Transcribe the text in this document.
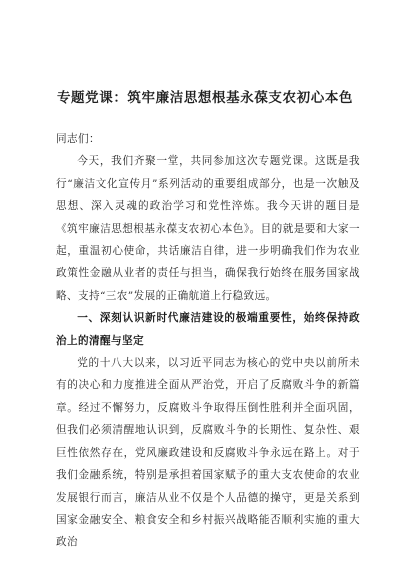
专题党课：筑牢廉洁思想根基永葆支农初心本色

同志们：

今天，我们齐聚一堂，共同参加这次专题党课。这既是我行“廉洁文化宣传月”系列活动的重要组成部分，也是一次触及思想、深入灵魂的政治学习和党性淬炼。我今天讲的题目是《筑牢廉洁思想根基永葆支农初心本色》。目的就是要和大家一起，重温初心使命，共话廉洁自律，进一步明确我们作为农业政策性金融从业者的责任与担当，确保我行始终在服务国家战略、支持“三农”发展的正确航道上行稳致远。

一、深刻认识新时代廉洁建设的极端重要性，始终保持政治上的清醒与坚定

党的十八大以来，以习近平同志为核心的党中央以前所未有的决心和力度推进全面从严治党，开启了反腐败斗争的新篇章。经过不懈努力，反腐败斗争取得压倒性胜利并全面巩固，但我们必须清醒地认识到，反腐败斗争的长期性、复杂性、艰巨性依然存在，党风廉政建设和反腐败斗争永远在路上。对于我们金融系统，特别是承担着国家赋予的重大支农使命的农业发展银行而言，廉洁从业不仅是个人品德的操守，更是关系到国家金融安全、粮食安全和乡村振兴战略能否顺利实施的重大政治
